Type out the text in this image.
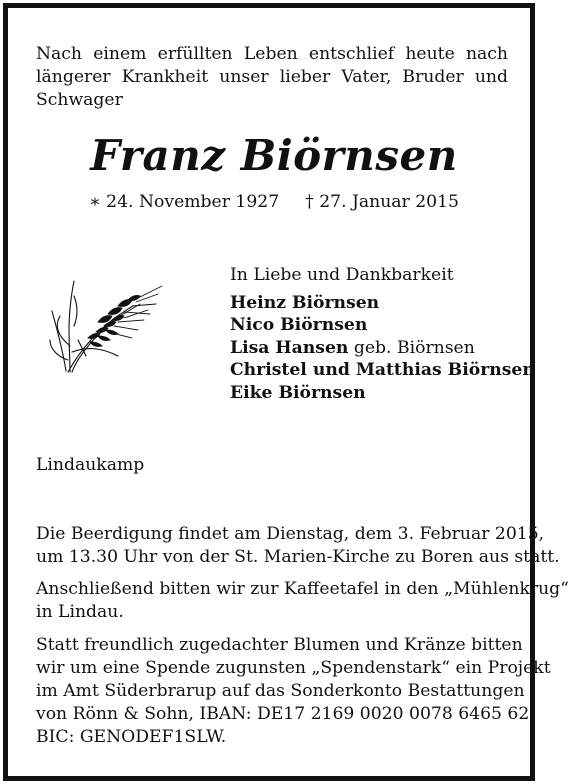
Nach einem erfüllten Leben entschlief heute nach

längerer Krankheit unser lieber Vater, Bruder und Schwager

Franz Biörnsen
∗ 24. November 1927 † 27. Januar 2015
In Liebe und Dankbarkeit
Heinz Biörnsen
Nico Biörnsen
Lisa Hansen geb. Biörnsen
Christel und Matthias Biörnsen
Eike Biörnsen
Lindaukamp
Die Beerdigung findet am Dienstag, dem 3. Februar 2015,
um 13.30 Uhr von der St. Marien-Kirche zu Boren aus statt.
Anschließend bitten wir zur Kaffeetafel in den „Mühlenkrug“
in Lindau.
Statt freundlich zugedachter Blumen und Kränze bitten
wir um eine Spende zugunsten „Spendenstark“ ein Projekt
im Amt Süderbrarup auf das Sonderkonto Bestattungen
von Rönn & Sohn, IBAN: DE17 2169 0020 0078 6465 62,
BIC: GENODEF1SLW.
